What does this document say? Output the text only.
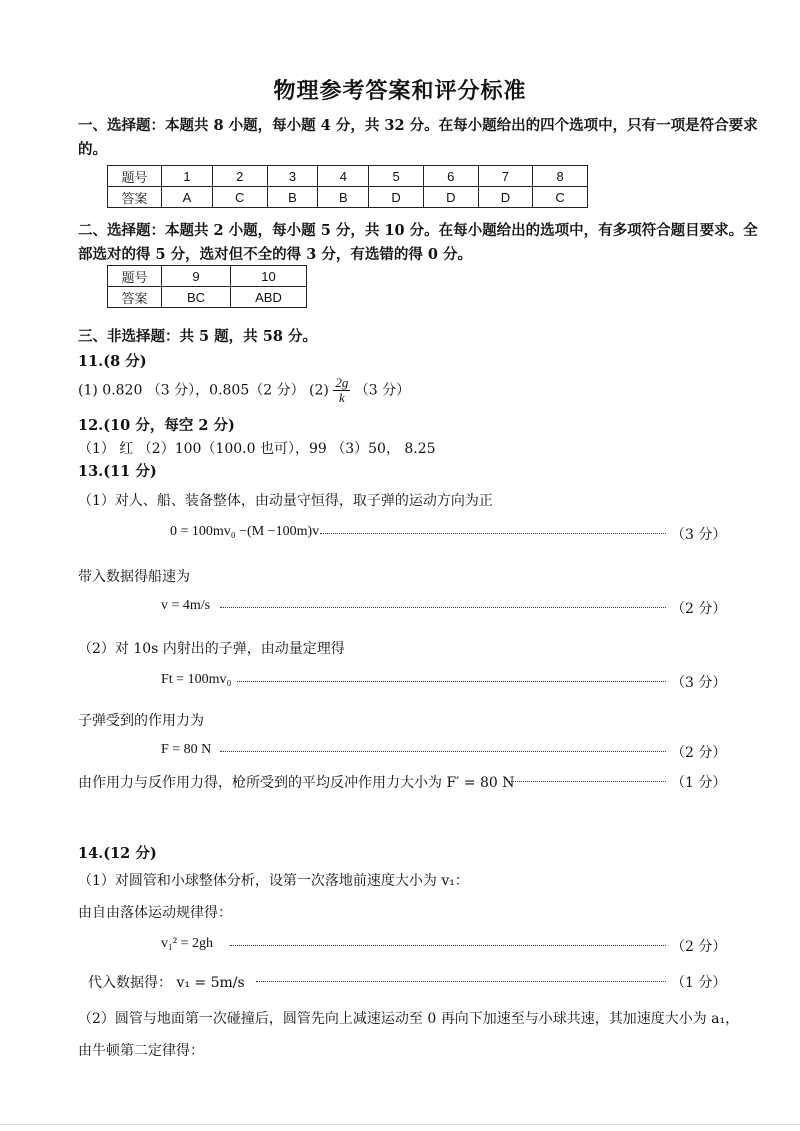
物理参考答案和评分标准
一、选择题：本题共 8 小题，每小题 4 分，共 32 分。在每小题给出的四个选项中，只有一项是符合要求
的。
题号	1	2	3	4	5	6	7	8
答案	A	C	B	B	D	D	D	C
二、选择题：本题共 2 小题，每小题 5 分，共 10 分。在每小题给出的选项中，有多项符合题目要求。全
部选对的得 5 分，选对但不全的得 3 分，有选错的得 0 分。
题号	9	10
答案	BC	ABD
三、非选择题：共 5 题，共 58 分。
11.(8 分)
(1) 0.820 （3 分），0.805（2 分） $(2) \frac{2g}{k} (3$ 分）
12.(10 分，每空 2 分)
（1） 红 （2）100（100.0 也可），99 （3）50， 8.25
13.(11 分)
（1）对人、船、装备整体，由动量守恒得，取子弹的运动方向为正
0 = 100mv₀ −(M −100m)v	（3 分）
带入数据得船速为
v = 4m/s	（2 分）
（2）对 10s 内射出的子弹，由动量定理得
Ft = 100mv₀	（3 分）
子弹受到的作用力为
F = 80 N	（2 分）
由作用力与反作用力得，枪所受到的平均反冲作用力大小为 F′ = 80 N	（1 分）
14.(12 分)
（1）对圆管和小球整体分析，设第一次落地前速度大小为 v₁：
由自由落体运动规律得：
v₁² = 2gh	（2 分）
代入数据得： v₁ = 5m/s	（1 分）
（2）圆管与地面第一次碰撞后，圆管先向上减速运动至 0 再向下加速至与小球共速，其加速度大小为 a₁，
由牛顿第二定律得：
